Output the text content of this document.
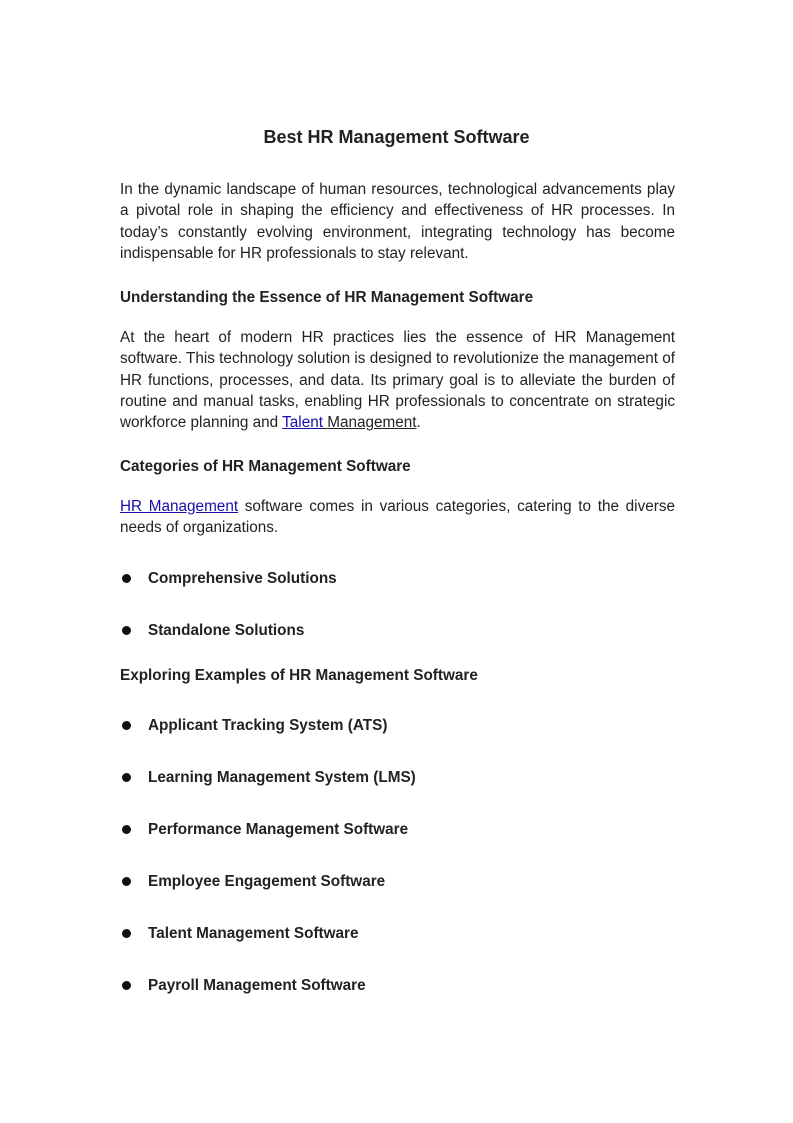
Best HR Management Software

In the dynamic landscape of human resources, technological advancements play a pivotal role in shaping the efficiency and effectiveness of HR processes. In today’s constantly evolving environment, integrating technology has become indispensable for HR professionals to stay relevant.

Understanding the Essence of HR Management Software

At the heart of modern HR practices lies the essence of HR Management software. This technology solution is designed to revolutionize the management of HR functions, processes, and data. Its primary goal is to alleviate the burden of routine and manual tasks, enabling HR professionals to concentrate on strategic workforce planning and Talent Management.

Categories of HR Management Software

HR Management software comes in various categories, catering to the diverse needs of organizations.

Comprehensive Solutions
Standalone Solutions
Exploring Examples of HR Management Software
Applicant Tracking System (ATS)
Learning Management System (LMS)
Performance Management Software
Employee Engagement Software
Talent Management Software
Payroll Management Software
